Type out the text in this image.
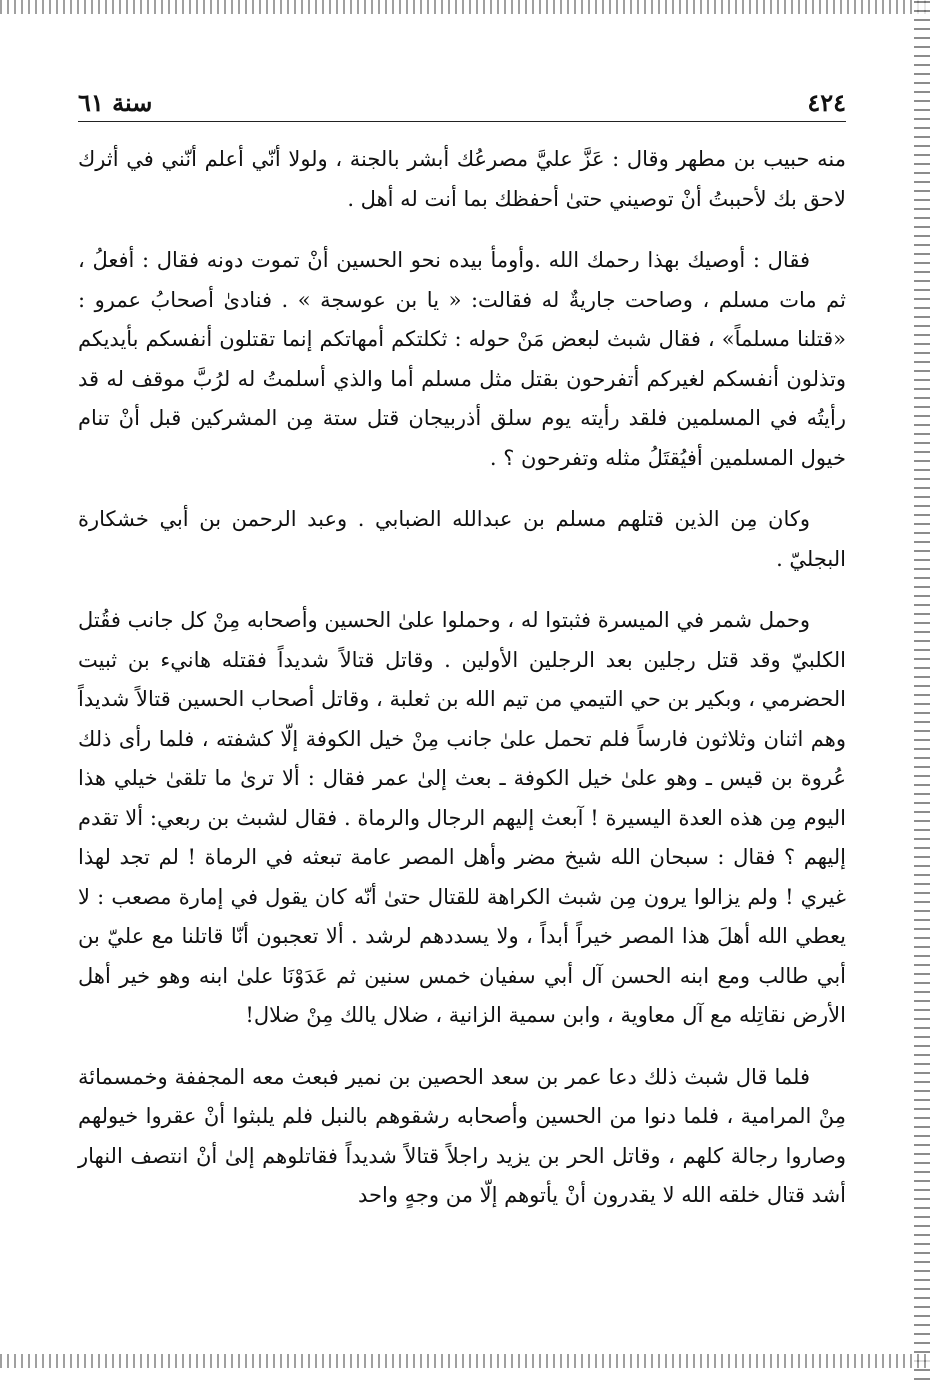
٤٢٤
سنة ٦١

منه حبيب بن مطهر وقال : عَزَّ عليَّ مصرعُك أبشر بالجنة ، ولولا أنّي أعلم أنّني في أثرك لاحق بك لأحببتُ أنْ توصيني حتىٰ أحفظك بما أنت له أهل .

فقال : أوصيك بهذا رحمك الله .وأومأ بيده نحو الحسين أنْ تموت دونه فقال : أفعلُ ، ثم مات مسلم ، وصاحت جاريةٌ له فقالت: « يا بن عوسجة » . فنادىٰ أصحابُ عمرو : «قتلنا مسلماً» ، فقال شبث لبعض مَنْ حوله : ثكلتكم أمهاتكم إنما تقتلون أنفسكم بأيديكم وتذلون أنفسكم لغيركم أتفرحون بقتل مثل مسلم أما والذي أسلمتُ له لرُبَّ موقف له قد رأيتُه في المسلمين فلقد رأيته يوم سلق أذربيجان قتل ستة مِن المشركين قبل أنْ تنام خيول المسلمين أفيُقتَلُ مثله وتفرحون ؟ .

وكان مِن الذين قتلهم مسلم بن عبدالله الضبابي . وعبد الرحمن بن أبي خشكارة البجليّ .

وحمل شمر في الميسرة فثبتوا له ، وحملوا علىٰ الحسين وأصحابه مِنْ كل جانب فقُتل الكلبيّ وقد قتل رجلين بعد الرجلين الأولين . وقاتل قتالاً شديداً فقتله هانيء بن ثبيت الحضرمي ، وبكير بن حي التيمي من تيم الله بن ثعلبة ، وقاتل أصحاب الحسين قتالاً شديداً وهم اثنان وثلاثون فارساً فلم تحمل علىٰ جانب مِنْ خيل الكوفة إلّا كشفته ، فلما رأى ذلك عُروة بن قيس ـ وهو علىٰ خيل الكوفة ـ بعث إلىٰ عمر فقال : ألا ترىٰ ما تلقىٰ خيلي هذا اليوم مِن هذه العدة اليسيرة ! آبعث إليهم الرجال والرماة . فقال لشبث بن ربعي: ألا تقدم إليهم ؟ فقال : سبحان الله شيخ مضر وأهل المصر عامة تبعثه في الرماة ! لم تجد لهذا غيري ! ولم يزالوا يرون مِن شبث الكراهة للقتال حتىٰ أنّه كان يقول في إمارة مصعب : لا يعطي الله أهلَ هذا المصر خيراً أبداً ، ولا يسددهم لرشد . ألا تعجبون أنّا قاتلنا مع عليّ بن أبي طالب ومع ابنه الحسن آل أبي سفيان خمس سنين ثم عَدَوْنَا علىٰ ابنه وهو خير أهل الأرض نقاتِله مع آل معاوية ، وابن سمية الزانية ، ضلال يالك مِنْ ضلال!

فلما قال شبث ذلك دعا عمر بن سعد الحصين بن نمير فبعث معه المجففة وخمسمائة مِنْ المرامية ، فلما دنوا من الحسين وأصحابه رشقوهم بالنبل فلم يلبثوا أنْ عقروا خيولهم وصاروا رجالة كلهم ، وقاتل الحر بن يزيد راجلاً قتالاً شديداً فقاتلوهم إلىٰ أنْ انتصف النهار أشد قتال خلقه الله لا يقدرون أنْ يأتوهم إلّا من وجهٍ واحد
